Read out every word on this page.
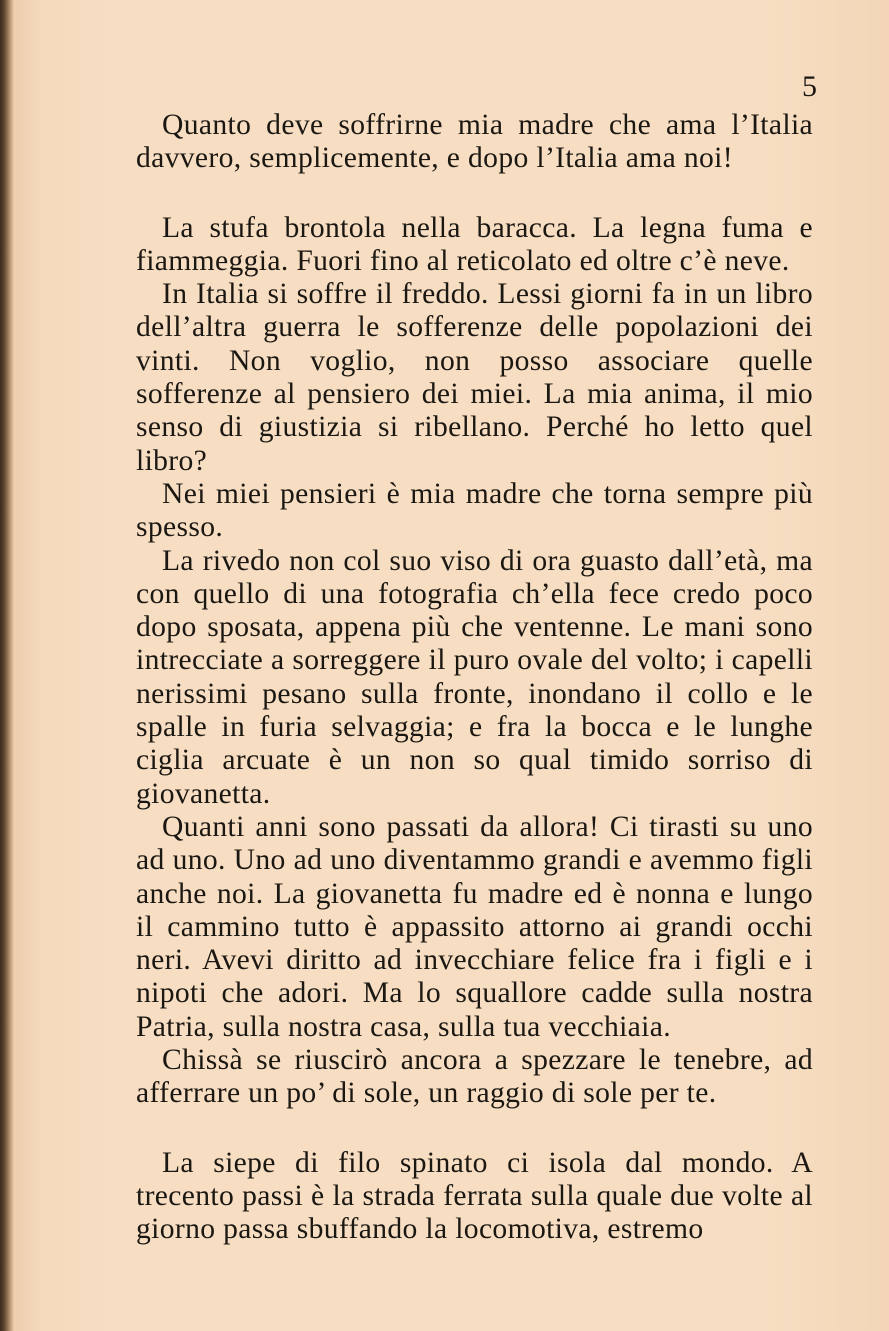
5

Quanto deve soffrirne mia madre che ama l’Italia davvero, semplicemente, e dopo l’Italia ama noi!

La stufa brontola nella baracca. La legna fuma e fiammeggia. Fuori fino al reticolato ed oltre c’è neve.

In Italia si soffre il freddo. Lessi giorni fa in un libro dell’altra guerra le sofferenze delle popolazioni dei vinti. Non voglio, non posso associare quelle sofferenze al pensiero dei miei. La mia anima, il mio senso di giustizia si ribellano. Perché ho letto quel libro?

Nei miei pensieri è mia madre che torna sempre più spesso.

La rivedo non col suo viso di ora guasto dall’età, ma con quello di una fotografia ch’ella fece credo poco dopo sposata, appena più che ventenne. Le mani sono intrecciate a sorreggere il puro ovale del volto; i capelli nerissimi pesano sulla fronte, inondano il collo e le spalle in furia selvaggia; e fra la bocca e le lunghe ciglia arcuate è un non so qual timido sorriso di giovanetta.

Quanti anni sono passati da allora! Ci tirasti su uno ad uno. Uno ad uno diventammo grandi e avemmo figli anche noi. La giovanetta fu madre ed è nonna e lungo il cammino tutto è appassito attorno ai grandi occhi neri. Avevi diritto ad invecchiare felice fra i figli e i nipoti che adori. Ma lo squallore cadde sulla nostra Patria, sulla nostra casa, sulla tua vecchiaia.

Chissà se riuscirò ancora a spezzare le tenebre, ad afferrare un po’ di sole, un raggio di sole per te.

La siepe di filo spinato ci isola dal mondo. A trecento passi è la strada ferrata sulla quale due volte al giorno passa sbuffando la locomotiva, estremo
